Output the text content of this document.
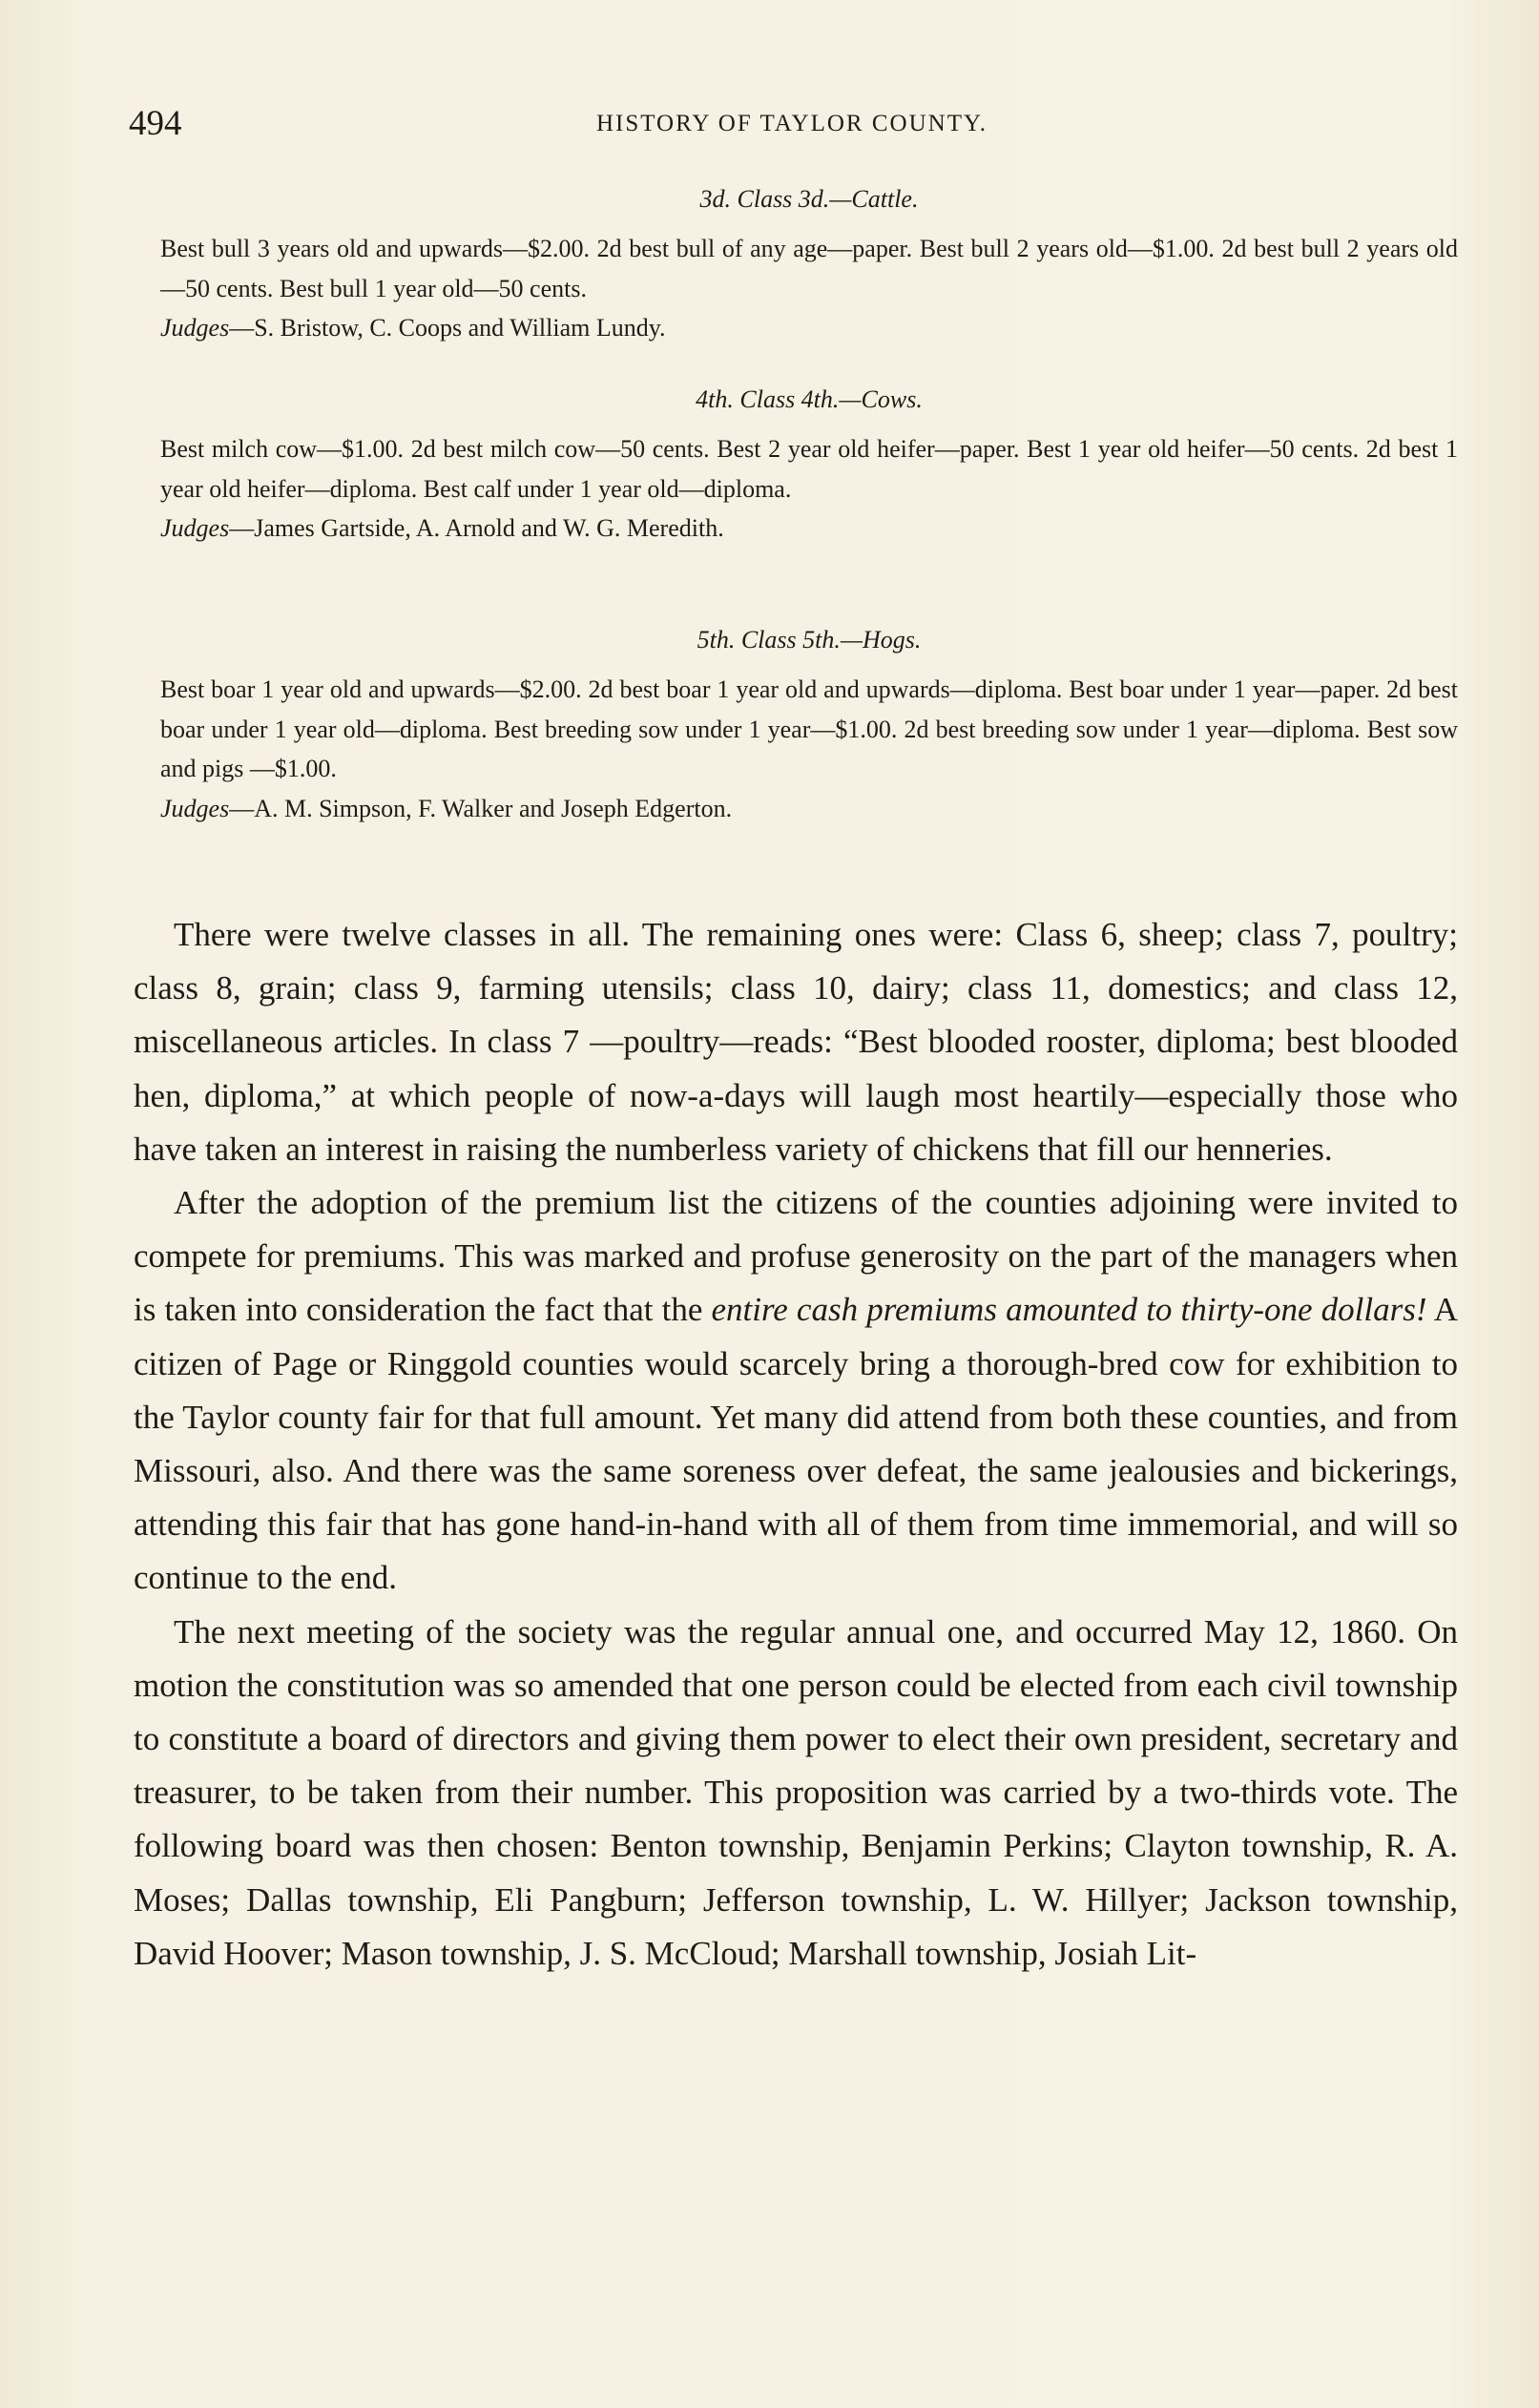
494	HISTORY OF TAYLOR COUNTY.

3d. Class 3d.—Cattle.

Best bull 3 years old and upwards—$2.00. 2d best bull of any age—paper. Best bull 2 years old—$1.00. 2d best bull 2 years old—50 cents. Best bull 1 year old—50 cents.

Judges—S. Bristow, C. Coops and William Lundy.

4th. Class 4th.—Cows.

Best milch cow—$1.00. 2d best milch cow—50 cents. Best 2 year old heifer—paper. Best 1 year old heifer—50 cents. 2d best 1 year old heifer—diploma. Best calf under 1 year old—diploma.

Judges—James Gartside, A. Arnold and W. G. Meredith.

5th. Class 5th.—Hogs.

Best boar 1 year old and upwards—$2.00. 2d best boar 1 year old and upwards—diploma. Best boar under 1 year—paper. 2d best boar under 1 year old—diploma. Best breeding sow under 1 year—$1.00. 2d best breeding sow under 1 year—diploma. Best sow and pigs —$1.00.

Judges—A. M. Simpson, F. Walker and Joseph Edgerton.

There were twelve classes in all. The remaining ones were: Class 6, sheep; class 7, poultry; class 8, grain; class 9, farming utensils; class 10, dairy; class 11, domestics; and class 12, miscellaneous articles. In class 7 —poultry—reads: “Best blooded rooster, diploma; best blooded hen, diploma,” at which people of now-a-days will laugh most heartily—especially those who have taken an interest in raising the numberless variety of chickens that fill our henneries.

After the adoption of the premium list the citizens of the counties adjoining were invited to compete for premiums. This was marked and profuse generosity on the part of the managers when is taken into consideration the fact that the entire cash premiums amounted to thirty-one dollars! A citizen of Page or Ringgold counties would scarcely bring a thorough-bred cow for exhibition to the Taylor county fair for that full amount. Yet many did attend from both these counties, and from Missouri, also. And there was the same soreness over defeat, the same jealousies and bickerings, attending this fair that has gone hand-in-hand with all of them from time immemorial, and will so continue to the end.

The next meeting of the society was the regular annual one, and occurred May 12, 1860. On motion the constitution was so amended that one person could be elected from each civil township to constitute a board of directors and giving them power to elect their own president, secretary and treasurer, to be taken from their number. This proposition was carried by a two-thirds vote. The following board was then chosen: Benton township, Benjamin Perkins; Clayton township, R. A. Moses; Dallas township, Eli Pangburn; Jefferson township, L. W. Hillyer; Jackson township, David Hoover; Mason township, J. S. McCloud; Marshall township, Josiah Lit-
